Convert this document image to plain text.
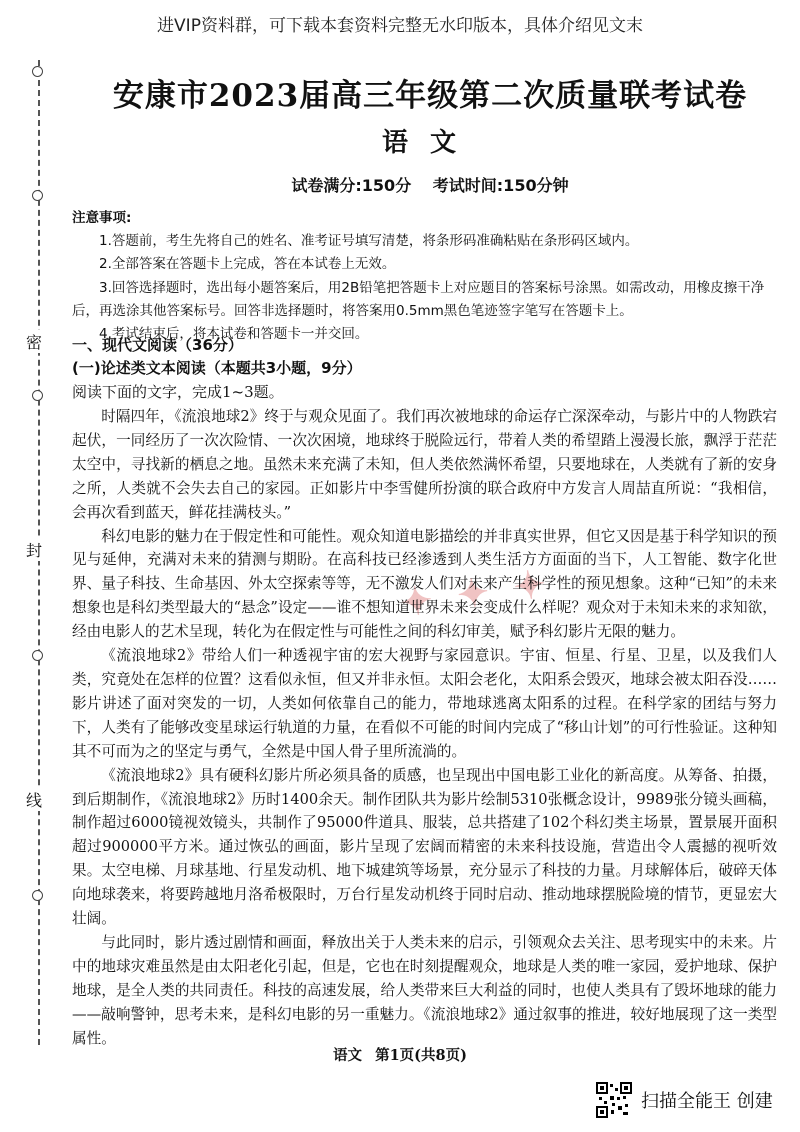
进VIP资料群，可下载本套资料完整无水印版本，具体介绍见文末
密
封
线
安康市2023届高三年级第二次质量联考试卷
语文
试卷满分:150分 考试时间:150分钟
注意事项:

1.答题前，考生先将自己的姓名、准考证号填写清楚，将条形码准确粘贴在条形码区域内。

2.全部答案在答题卡上完成，答在本试卷上无效。

3.回答选择题时，选出每小题答案后，用2B铅笔把答题卡上对应题目的答案标号涂黑。如需改动，用橡皮擦干净后，再选涂其他答案标号。回答非选择题时，将答案用0.5mm黑色笔迹签字笔写在答题卡上。

4.考试结束后，将本试卷和答题卡一并交回。

一、现代文阅读（36分）
(一)论述类文本阅读（本题共3小题，9分）
阅读下面的文字，完成1~3题。
✦ ✦ ✦

时隔四年，《流浪地球2》终于与观众见面了。我们再次被地球的命运存亡深深牵动，与影片中的人物跌宕起伏，一同经历了一次次险情、一次次困境，地球终于脱险远行，带着人类的希望踏上漫漫长旅，飘浮于茫茫太空中，寻找新的栖息之地。虽然未来充满了未知，但人类依然满怀希望，只要地球在，人类就有了新的安身之所，人类就不会失去自己的家园。正如影片中李雪健所扮演的联合政府中方发言人周喆直所说：“我相信，会再次看到蓝天，鲜花挂满枝头。”

科幻电影的魅力在于假定性和可能性。观众知道电影描绘的并非真实世界，但它又因是基于科学知识的预见与延伸，充满对未来的猜测与期盼。在高科技已经渗透到人类生活方方面面的当下，人工智能、数字化世界、量子科技、生命基因、外太空探索等等，无不激发人们对未来产生科学性的预见想象。这种“已知”的未来想象也是科幻类型最大的“悬念”设定——谁不想知道世界未来会变成什么样呢？观众对于未知未来的求知欲，经由电影人的艺术呈现，转化为在假定性与可能性之间的科幻审美，赋予科幻影片无限的魅力。

《流浪地球2》带给人们一种透视宇宙的宏大视野与家园意识。宇宙、恒星、行星、卫星，以及我们人类，究竟处在怎样的位置？这看似永恒，但又并非永恒。太阳会老化，太阳系会毁灭，地球会被太阳吞没……影片讲述了面对突发的一切，人类如何依靠自己的能力，带地球逃离太阳系的过程。在科学家的团结与努力下，人类有了能够改变星球运行轨道的力量，在看似不可能的时间内完成了“移山计划”的可行性验证。这种知其不可而为之的坚定与勇气，全然是中国人骨子里所流淌的。

《流浪地球2》具有硬科幻影片所必须具备的质感，也呈现出中国电影工业化的新高度。从筹备、拍摄，到后期制作，《流浪地球2》历时1400余天。制作团队共为影片绘制5310张概念设计，9989张分镜头画稿，制作超过6000镜视效镜头，共制作了95000件道具、服装，总共搭建了102个科幻类主场景，置景展开面积超过900000平方米。通过恢弘的画面，影片呈现了宏阔而精密的未来科技设施，营造出令人震撼的视听效果。太空电梯、月球基地、行星发动机、地下城建筑等场景，充分显示了科技的力量。月球解体后，破碎天体向地球袭来，将要跨越地月洛希极限时，万台行星发动机终于同时启动、推动地球摆脱险境的情节，更显宏大壮阔。

与此同时，影片透过剧情和画面，释放出关于人类未来的启示，引领观众去关注、思考现实中的未来。片中的地球灾难虽然是由太阳老化引起，但是，它也在时刻提醒观众，地球是人类的唯一家园，爱护地球、保护地球，是全人类的共同责任。科技的高速发展，给人类带来巨大利益的同时，也使人类具有了毁坏地球的能力——敲响警钟，思考未来，是科幻电影的另一重魅力。《流浪地球2》通过叙事的推进，较好地展现了这一类型属性。

语文 第1页(共8页)
扫描全能王 创建
